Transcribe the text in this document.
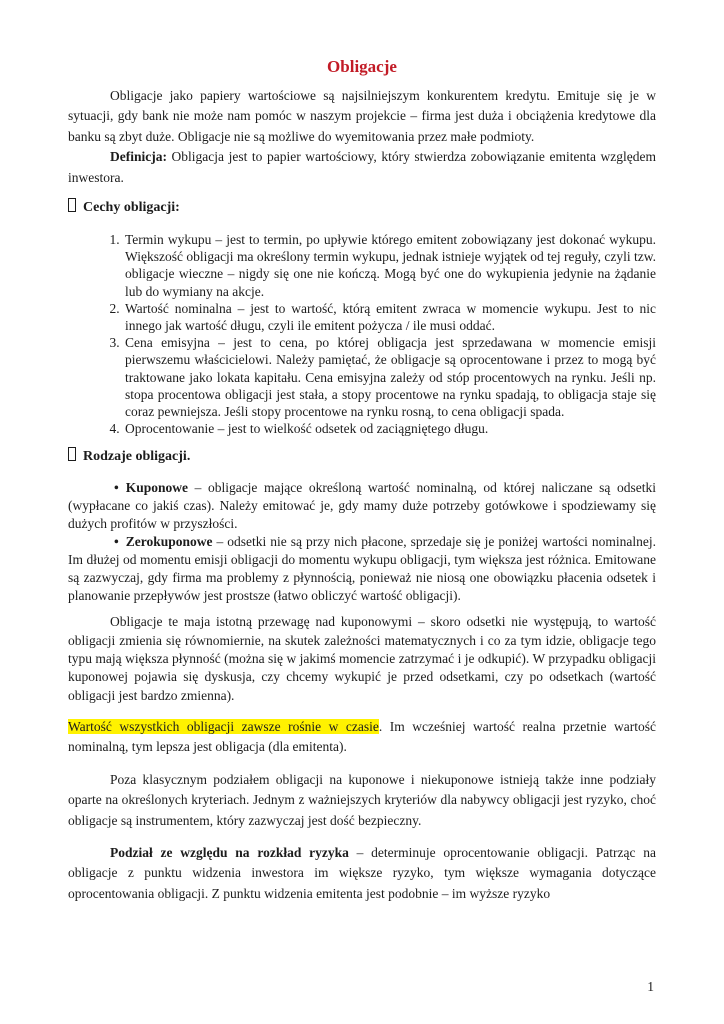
Obligacje

Obligacje jako papiery wartościowe są najsilniejszym konkurentem kredytu. Emituje się je w sytuacji, gdy bank nie może nam pomóc w naszym projekcie – firma jest duża i obciążenia kredytowe dla banku są zbyt duże. Obligacje nie są możliwe do wyemitowania przez małe podmioty.

Definicja: Obligacja jest to papier wartościowy, który stwierdza zobowiązanie emitenta względem inwestora.

Cechy obligacji:
1. Termin wykupu – jest to termin, po upływie którego emitent zobowiązany jest dokonać wykupu. Większość obligacji ma określony termin wykupu, jednak istnieje wyjątek od tej reguły, czyli tzw. obligacje wieczne – nigdy się one nie kończą. Mogą być one do wykupienia jedynie na żądanie lub do wymiany na akcje.
2. Wartość nominalna – jest to wartość, którą emitent zwraca w momencie wykupu. Jest to nic innego jak wartość długu, czyli ile emitent pożycza / ile musi oddać.
3. Cena emisyjna – jest to cena, po której obligacja jest sprzedawana w momencie emisji pierwszemu właścicielowi. Należy pamiętać, że obligacje są oprocentowane i przez to mogą być traktowane jako lokata kapitału. Cena emisyjna zależy od stóp procentowych na rynku. Jeśli np. stopa procentowa obligacji jest stała, a stopy procentowe na rynku spadają, to obligacja staje się coraz pewniejsza. Jeśli stopy procentowe na rynku rosną, to cena obligacji spada.
4. Oprocentowanie – jest to wielkość odsetek od zaciągniętego długu.
Rodzaje obligacji.

• Kuponowe – obligacje mające określoną wartość nominalną, od której naliczane są odsetki (wypłacane co jakiś czas). Należy emitować je, gdy mamy duże potrzeby gotówkowe i spodziewamy się dużych profitów w przyszłości.

• Zerokuponowe – odsetki nie są przy nich płacone, sprzedaje się je poniżej wartości nominalnej. Im dłużej od momentu emisji obligacji do momentu wykupu obligacji, tym większa jest różnica. Emitowane są zazwyczaj, gdy firma ma problemy z płynnością, ponieważ nie niosą one obowiązku płacenia odsetek i planowanie przepływów jest prostsze (łatwo obliczyć wartość obligacji).

Obligacje te maja istotną przewagę nad kuponowymi – skoro odsetki nie występują, to wartość obligacji zmienia się równomiernie, na skutek zależności matematycznych i co za tym idzie, obligacje tego typu mają większa płynność (można się w jakimś momencie zatrzymać i je odkupić). W przypadku obligacji kuponowej pojawia się dyskusja, czy chcemy wykupić je przed odsetkami, czy po odsetkach (wartość obligacji jest bardzo zmienna).

Wartość wszystkich obligacji zawsze rośnie w czasie. Im wcześniej wartość realna przetnie wartość nominalną, tym lepsza jest obligacja (dla emitenta).

Poza klasycznym podziałem obligacji na kuponowe i niekuponowe istnieją także inne podziały oparte na określonych kryteriach. Jednym z ważniejszych kryteriów dla nabywcy obligacji jest ryzyko, choć obligacje są instrumentem, który zazwyczaj jest dość bezpieczny.

Podział ze względu na rozkład ryzyka – determinuje oprocentowanie obligacji. Patrząc na obligacje z punktu widzenia inwestora im większe ryzyko, tym większe wymagania dotyczące oprocentowania obligacji. Z punktu widzenia emitenta jest podobnie – im wyższe ryzyko

1
